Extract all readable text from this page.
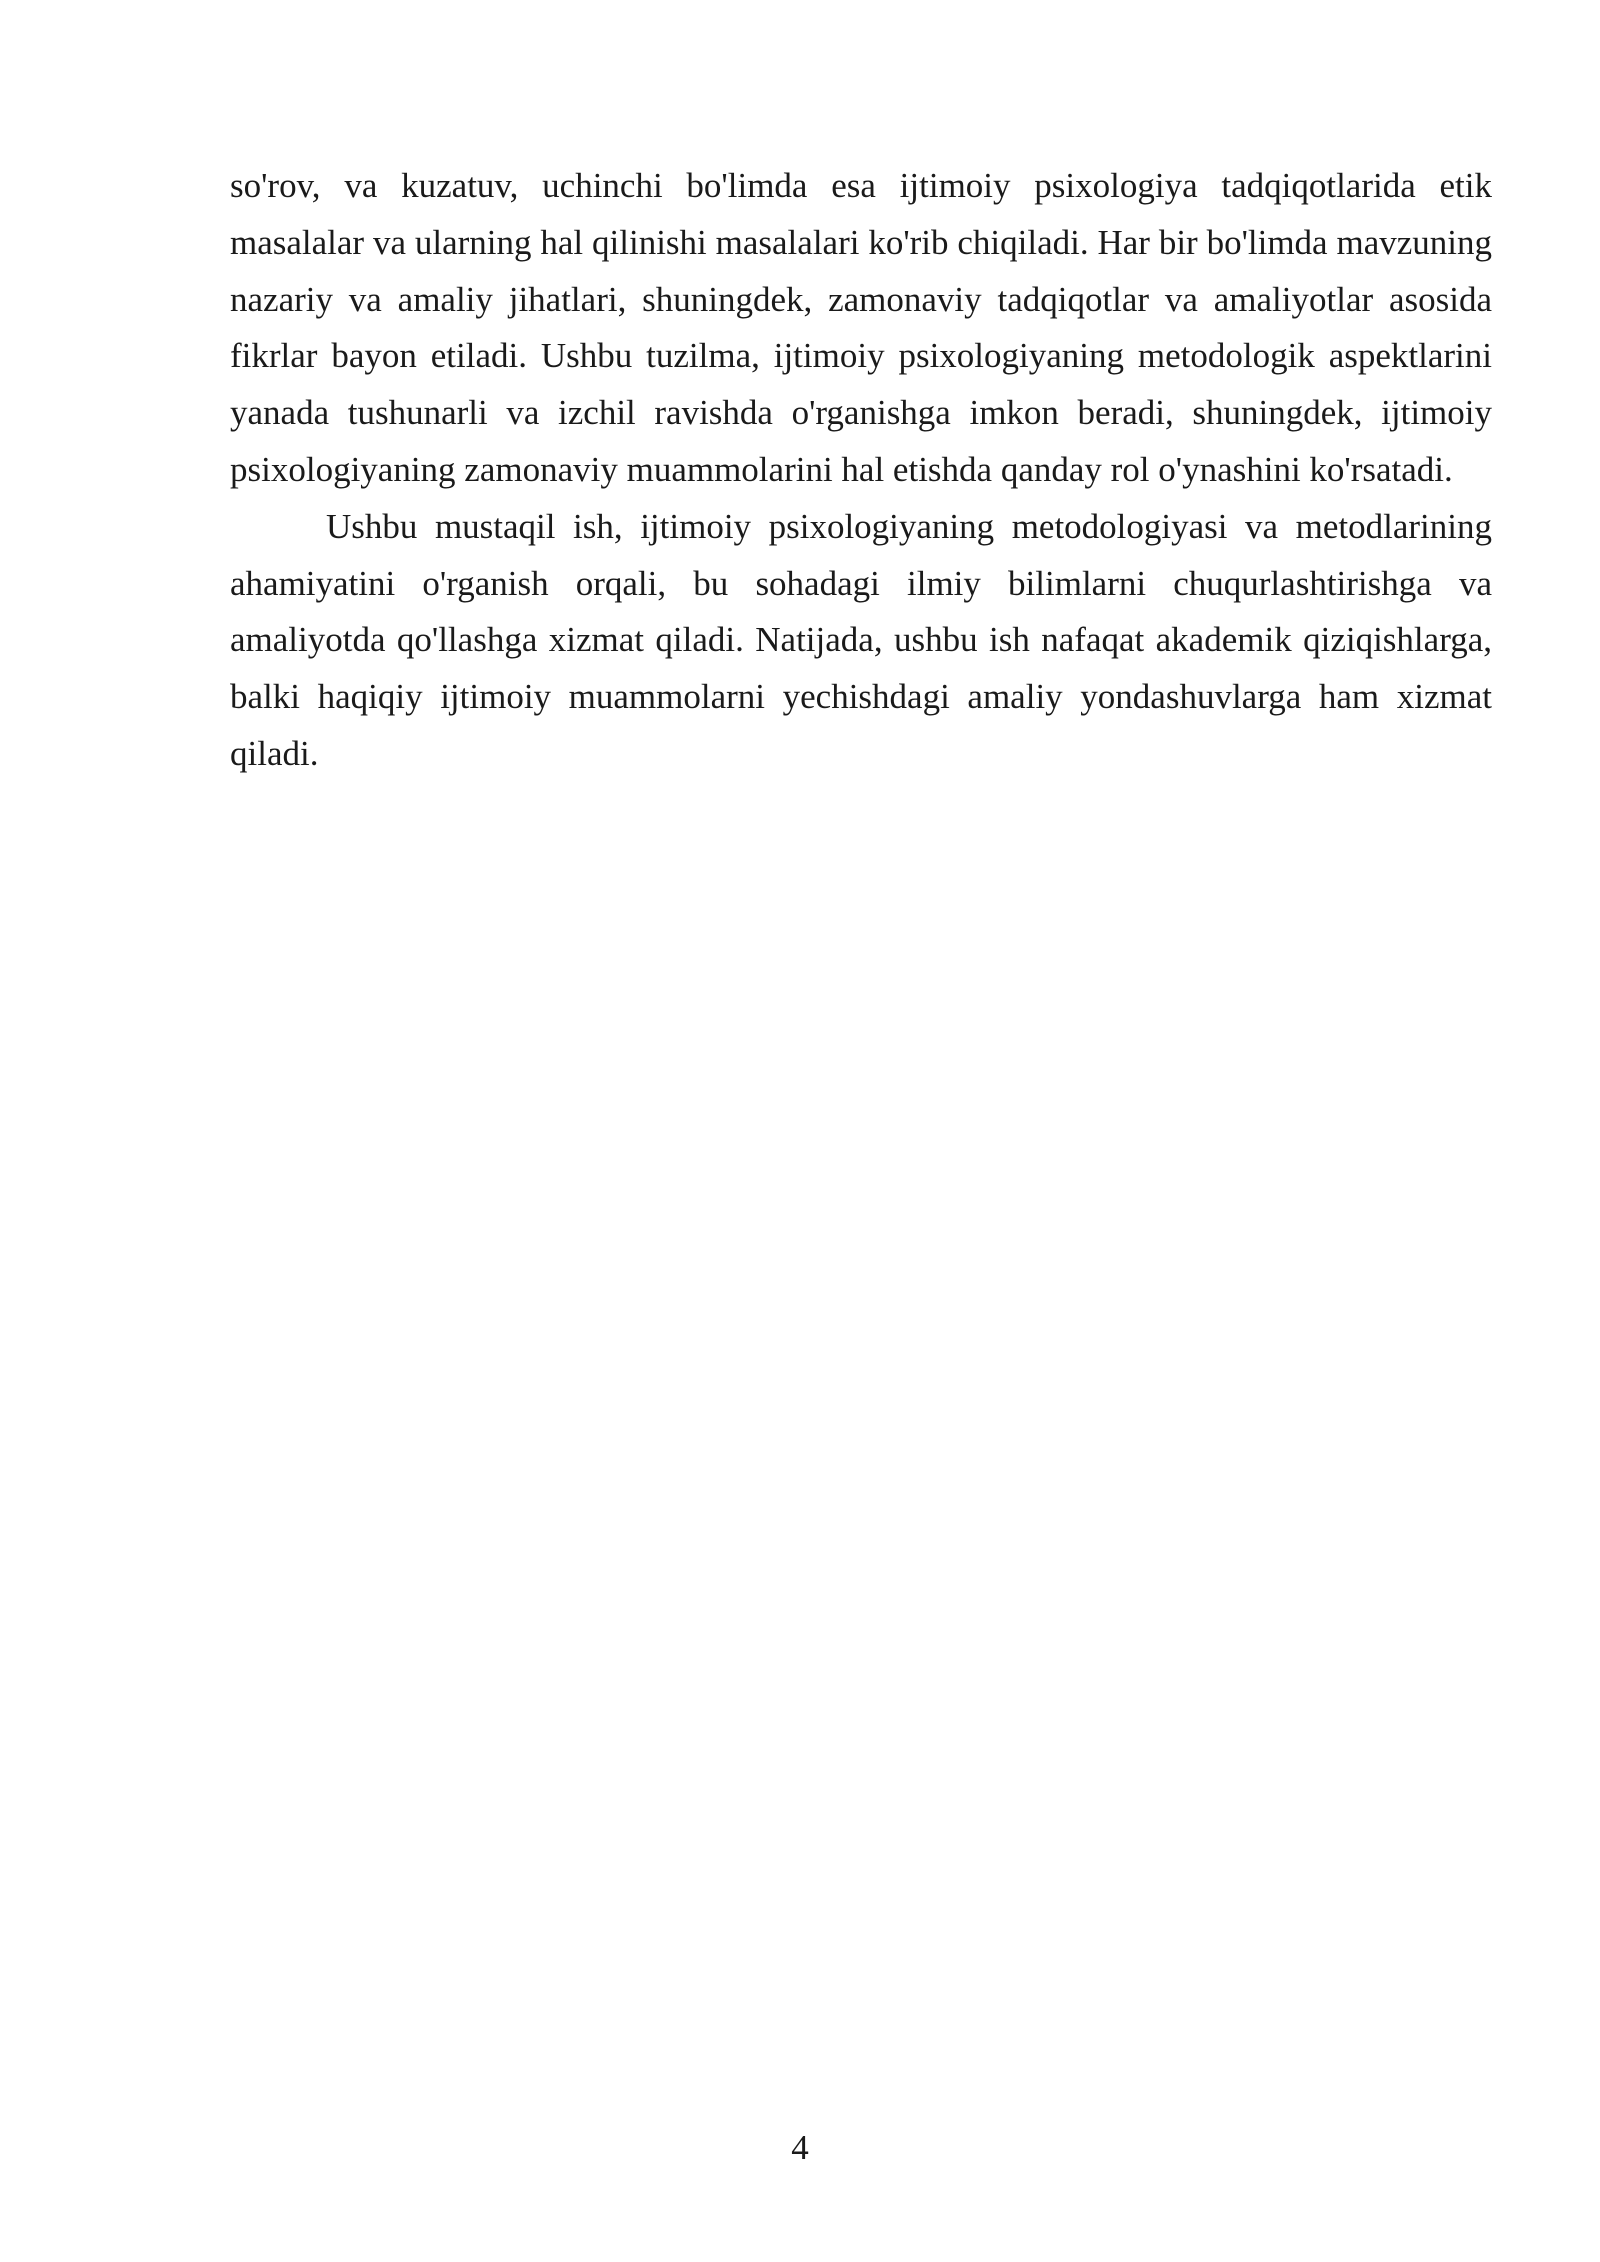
so'rov, va kuzatuv, uchinchi bo'limda esa ijtimoiy psixologiya tadqiqotlarida etik masalalar va ularning hal qilinishi masalalari ko'rib chiqiladi. Har bir bo'limda mavzuning nazariy va amaliy jihatlari, shuningdek, zamonaviy tadqiqotlar va amaliyotlar asosida fikrlar bayon etiladi. Ushbu tuzilma, ijtimoiy psixologiyaning metodologik aspektlarini yanada tushunarli va izchil ravishda o'rganishga imkon beradi, shuningdek, ijtimoiy psixologiyaning zamonaviy muammolarini hal etishda qanday rol o'ynashini ko'rsatadi.

Ushbu mustaqil ish, ijtimoiy psixologiyaning metodologiyasi va metodlarining ahamiyatini o'rganish orqali, bu sohadagi ilmiy bilimlarni chuqurlashtirishga va amaliyotda qo'llashga xizmat qiladi. Natijada, ushbu ish nafaqat akademik qiziqishlarga, balki haqiqiy ijtimoiy muammolarni yechishdagi amaliy yondashuvlarga ham xizmat qiladi.

4
